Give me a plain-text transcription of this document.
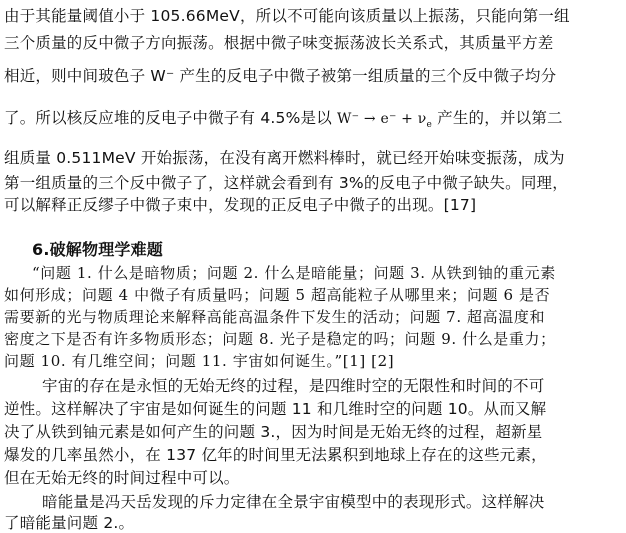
由于其能量阈值小于 105.66MeV，所以不可能向该质量以上振荡，只能向第一组
三个质量的反中微子方向振荡。根据中微子味变振荡波长关系式，其质量平方差
相近，则中间玻色子 W⁻ 产生的反电子中微子被第一组质量的三个反中微子均分
了。所以核反应堆的反电子中微子有 4.5%是以 $W^- \to e^- + \nu_e$ 产生的，并以第二
组质量 0.511MeV 开始振荡，在没有离开燃料棒时，就已经开始味变振荡，成为
第一组质量的三个反中微子了，这样就会看到有 3%的反电子中微子缺失。同理，
可以解释正反缪子中微子束中，发现的正反电子中微子的出现。[17]
6.破解物理学难题
“问题 1. 什么是暗物质；问题 2. 什么是暗能量；问题 3. 从铁到铀的重元素
如何形成；问题 4 中微子有质量吗；问题 5 超高能粒子从哪里来；问题 6 是否
需要新的光与物质理论来解释高能高温条件下发生的活动；问题 7. 超高温度和
密度之下是否有许多物质形态；问题 8. 光子是稳定的吗；问题 9. 什么是重力；
问题 10. 有几维空间；问题 11. 宇宙如何诞生。”[1] [2]
宇宙的存在是永恒的无始无终的过程，是四维时空的无限性和时间的不可
逆性。这样解决了宇宙是如何诞生的问题 11 和几维时空的问题 10。从而又解
决了从铁到铀元素是如何产生的问题 3.，因为时间是无始无终的过程，超新星
爆发的几率虽然小，在 137 亿年的时间里无法累积到地球上存在的这些元素，
但在无始无终的时间过程中可以。
暗能量是冯天岳发现的斥力定律在全景宇宙模型中的表现形式。这样解决
了暗能量问题 2.。
